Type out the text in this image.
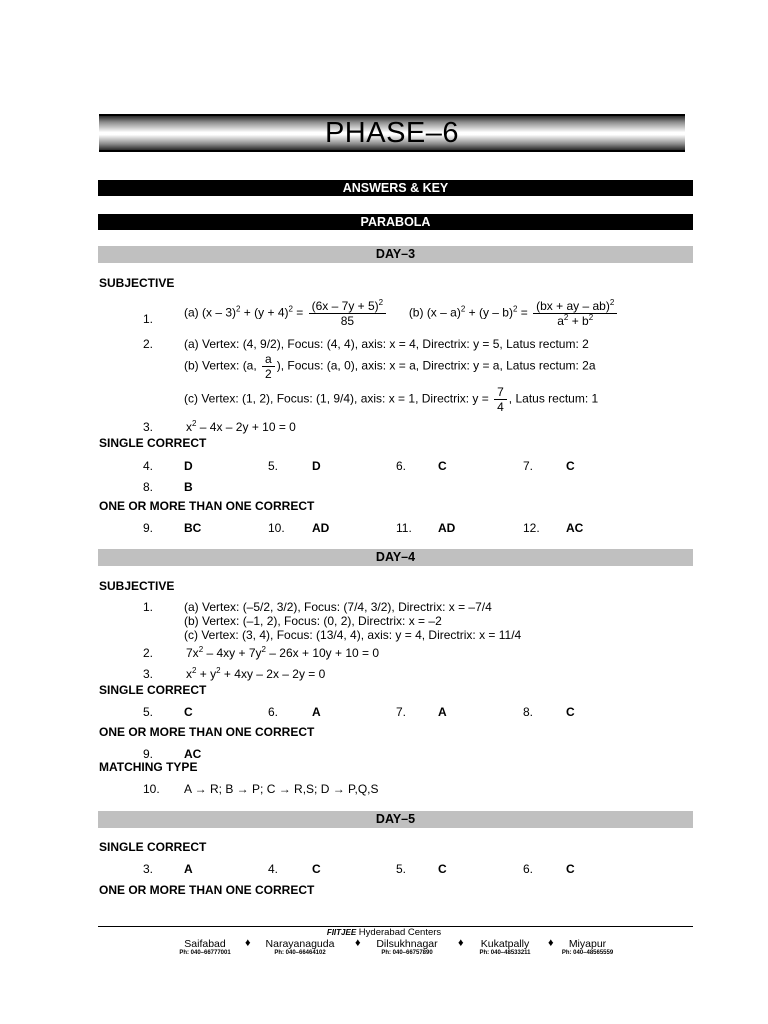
PHASE–6
ANSWERS & KEY
PARABOLA
DAY–3
SUBJECTIVE
1.	(a) $(x - 3)^2 + (y + 4)^2 = \frac{(6x - 7y + 5)^2}{85} (b)$ $(x - a)^2 + (y - b)^2 = \frac{(bx + ay - ab)^2}{a^2 + b^2}$
2.	(a) Vertex: (4, 9/2), Focus: (4, 4), axis: x = 4, Directrix: y = 5, Latus rectum: 2
(b) Vertex: (a, $\frac{a}{2}$ ), Focus: (a, 0), axis: x = a, Directrix: y = a, Latus rectum: 2a
(c) Vertex: (1, 2), Focus: (1, 9/4), axis: x = 1, Directrix: $y = \frac{7}{4}$ , Latus rectum: 1
3.	$x^2 - 4x - 2y + 10 = 0$
SINGLE CORRECT
4.	D	5.	D	6.	C	7.	C
8.	B
ONE OR MORE THAN ONE CORRECT
9.	BC	10. AD	11. AD	12. AC
DAY–4
SUBJECTIVE
1.	(a) Vertex: (–5/2, 3/2), Focus: (7/4, 3/2), Directrix: x = –7/4
(b) Vertex: (–1, 2), Focus: (0, 2), Directrix: x = –2
(c) Vertex: (3, 4), Focus: (13/4, 4), axis: y = 4, Directrix: x = 11/4
2.	$7x^2 - 4xy + 7y^2 - 26x + 10y + 10 = 0$
3.	$x^2 + y^2 + 4xy - 2x - 2y = 0$
SINGLE CORRECT
5.	C	6.	A	7.	A	8.	C
ONE OR MORE THAN ONE CORRECT
9.	AC
MATCHING TYPE
10. A → R; B → P; C → R,S; D → P,Q,S
DAY–5
SINGLE CORRECT
3.	A	4.	C	5.	C	6.	C
ONE OR MORE THAN ONE CORRECT
FIITJEE Hyderabad Centers
Saifabad
Ph: 040–66777001
♦	Narayanaguda
Ph: 040–66464102
♦	Dilsukhnagar
Ph: 040–66757890
♦	Kukatpally
Ph: 040–48533211
♦	Miyapur
Ph: 040–48565559
